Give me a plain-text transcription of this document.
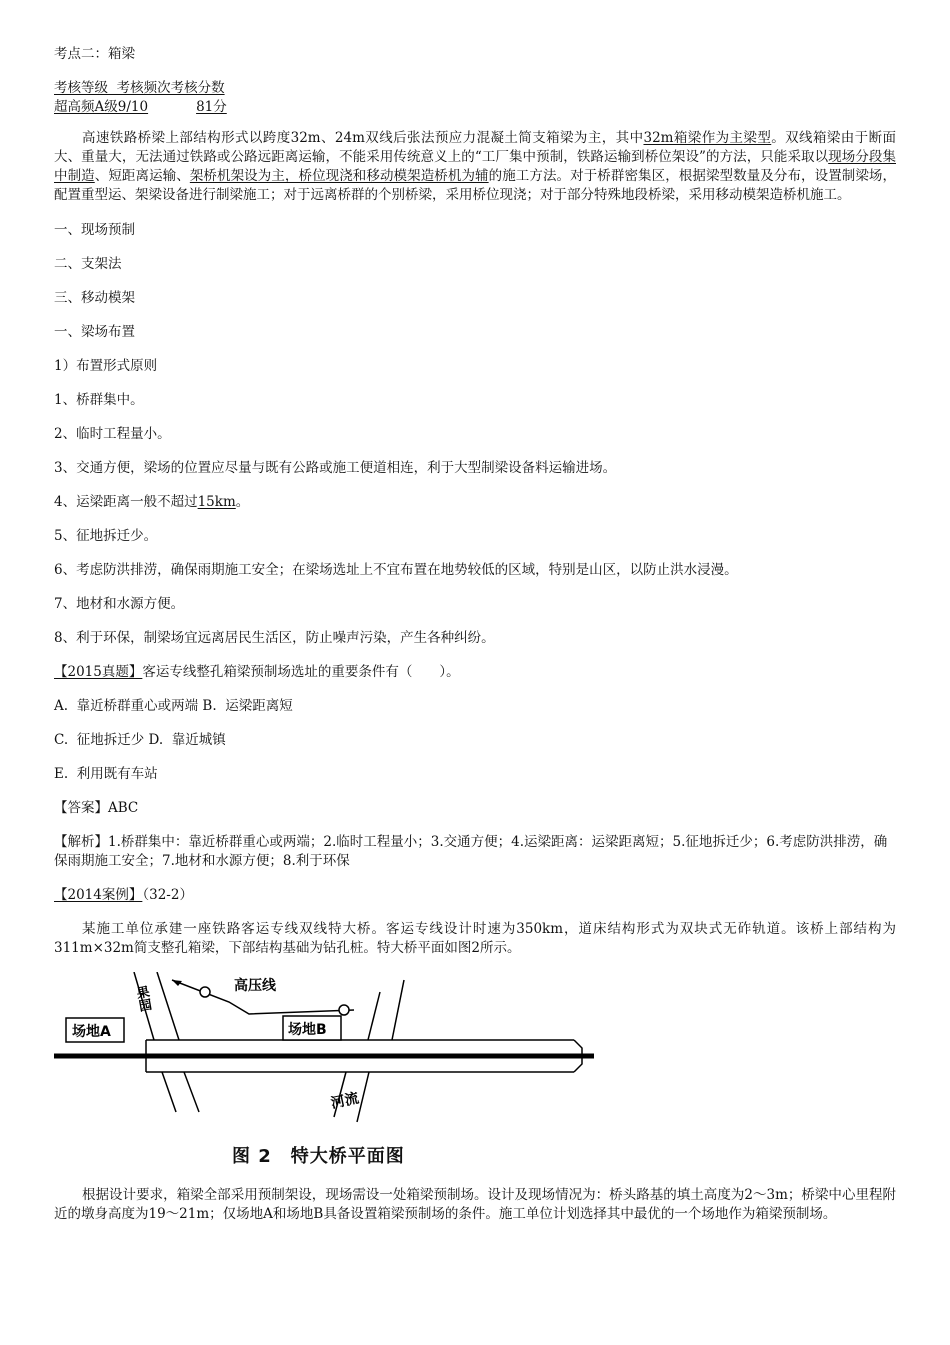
考点二：箱梁
考核等级  考核频次考核分数
超高频A级9/10	81分

高速铁路桥梁上部结构形式以跨度32m、24m双线后张法预应力混凝土简支箱梁为主，其中32m箱梁作为主梁型。双线箱梁由于断面大、重量大，无法通过铁路或公路远距离运输，不能采用传统意义上的“工厂集中预制，铁路运输到桥位架设”的方法，只能采取以现场分段集中制造、短距离运输、架桥机架设为主，桥位现浇和移动模架造桥机为辅的施工方法。对于桥群密集区，根据梁型数量及分布，设置制梁场，配置重型运、架梁设备进行制梁施工；对于远离桥群的个别桥梁，采用桥位现浇；对于部分特殊地段桥梁，采用移动模架造桥机施工。

一、现场预制

二、支架法

三、移动模架

一、梁场布置

1）布置形式原则

1、桥群集中。

2、临时工程量小。

3、交通方便，梁场的位置应尽量与既有公路或施工便道相连，利于大型制梁设备料运输进场。

4、运梁距离一般不超过15km。

5、征地拆迁少。

6、考虑防洪排涝，确保雨期施工安全；在梁场选址上不宜布置在地势较低的区域，特别是山区，以防止洪水浸漫。

7、地材和水源方便。

8、利于环保，制梁场宜远离居民生活区，防止噪声污染，产生各种纠纷。

【2015真题】客运专线整孔箱梁预制场选址的重要条件有（　　）。

A.  靠近桥群重心或两端 B.  运梁距离短

C.  征地拆迁少 D.  靠近城镇

E.  利用既有车站

【答案】ABC

【解析】1.桥群集中：靠近桥群重心或两端；2.临时工程量小；3.交通方便；4.运梁距离：运梁距离短；5.征地拆迁少；6.考虑防洪排涝，确保雨期施工安全；7.地材和水源方便；8.利于环保

【2014案例】（32-2）

某施工单位承建一座铁路客运专线双线特大桥。客运专线设计时速为350km，道床结构形式为双块式无砟轨道。该桥上部结构为311m×32m简支整孔箱梁，下部结构基础为钻孔桩。特大桥平面如图2所示。

场地A	场地B
高压线
河流
果园
图 2　特大桥平面图

根据设计要求，箱梁全部采用预制架设，现场需设一处箱梁预制场。设计及现场情况为：桥头路基的填土高度为2～3m；桥梁中心里程附近的墩身高度为19～21m；仅场地A和场地B具备设置箱梁预制场的条件。施工单位计划选择其中最优的一个场地作为箱梁预制场。
